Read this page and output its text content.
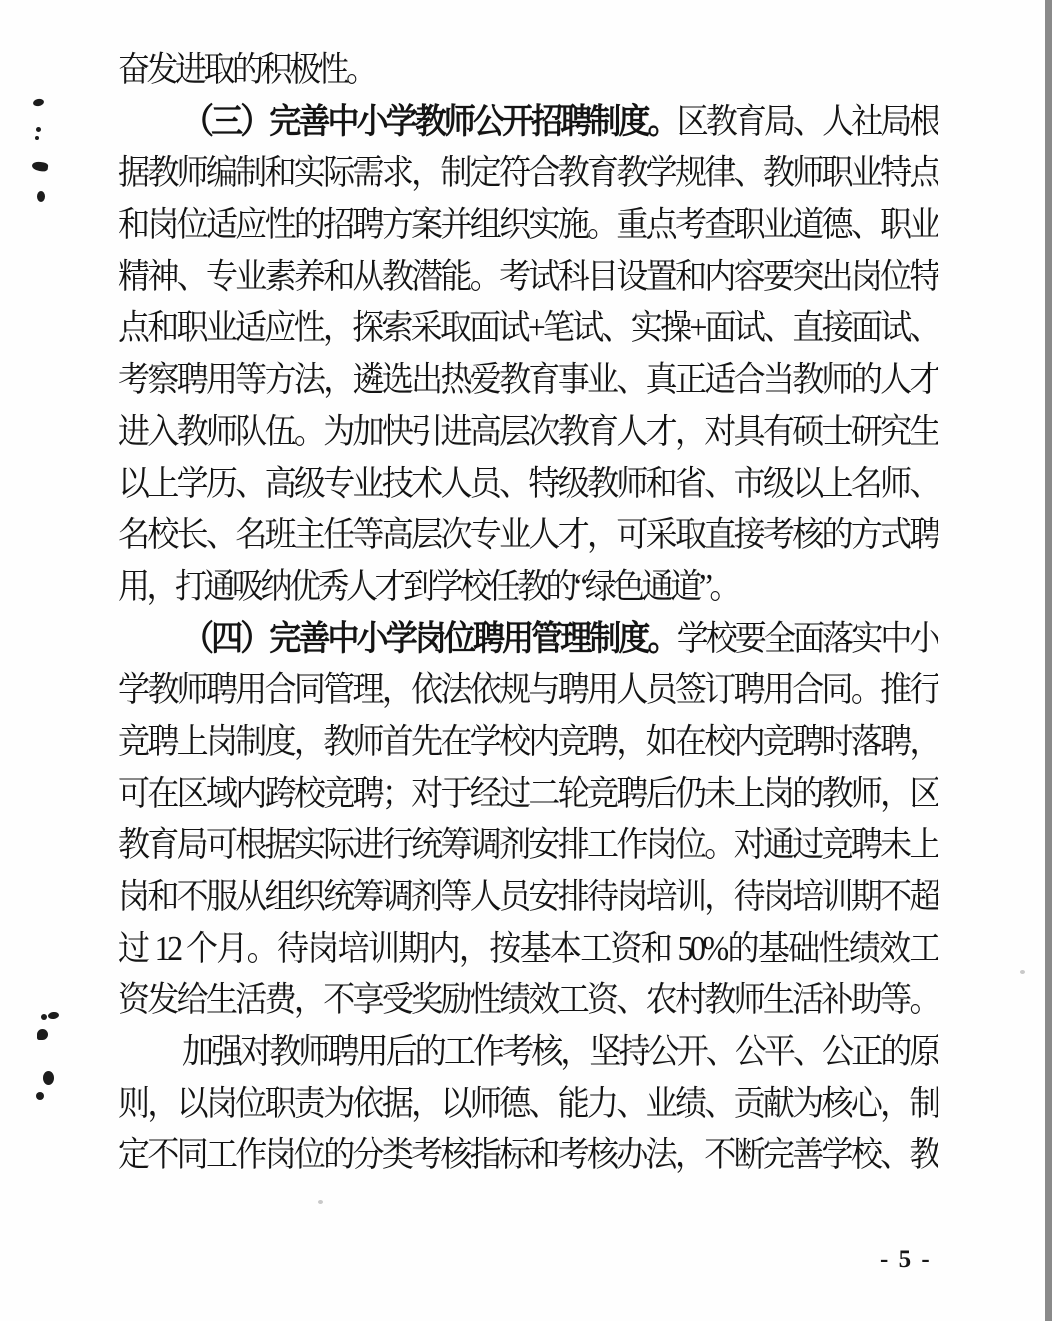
奋发进取的积极性。
（三）完善中小学教师公开招聘制度。区教育局、人社局根
据教师编制和实际需求，制定符合教育教学规律、教师职业特点
和岗位适应性的招聘方案并组织实施。重点考查职业道德、职业
精神、专业素养和从教潜能。考试科目设置和内容要突出岗位特
点和职业适应性，探索采取面试+笔试、实操+面试、直接面试、
考察聘用等方法，遴选出热爱教育事业、真正适合当教师的人才
进入教师队伍。为加快引进高层次教育人才，对具有硕士研究生
以上学历、高级专业技术人员、特级教师和省、市级以上名师、
名校长、名班主任等高层次专业人才，可采取直接考核的方式聘
用，打通吸纳优秀人才到学校任教的“绿色通道”。
（四）完善中小学岗位聘用管理制度。学校要全面落实中小
学教师聘用合同管理，依法依规与聘用人员签订聘用合同。推行
竞聘上岗制度，教师首先在学校内竞聘，如在校内竞聘时落聘，
可在区域内跨校竞聘；对于经过二轮竞聘后仍未上岗的教师，区
教育局可根据实际进行统筹调剂安排工作岗位。对通过竞聘未上
岗和不服从组织统筹调剂等人员安排待岗培训，待岗培训期不超
过 12 个月。待岗培训期内，按基本工资和 50%的基础性绩效工
资发给生活费，不享受奖励性绩效工资、农村教师生活补助等。
加强对教师聘用后的工作考核，坚持公开、公平、公正的原
则，以岗位职责为依据，以师德、能力、业绩、贡献为核心，制
定不同工作岗位的分类考核指标和考核办法，不断完善学校、教
- 5 -
